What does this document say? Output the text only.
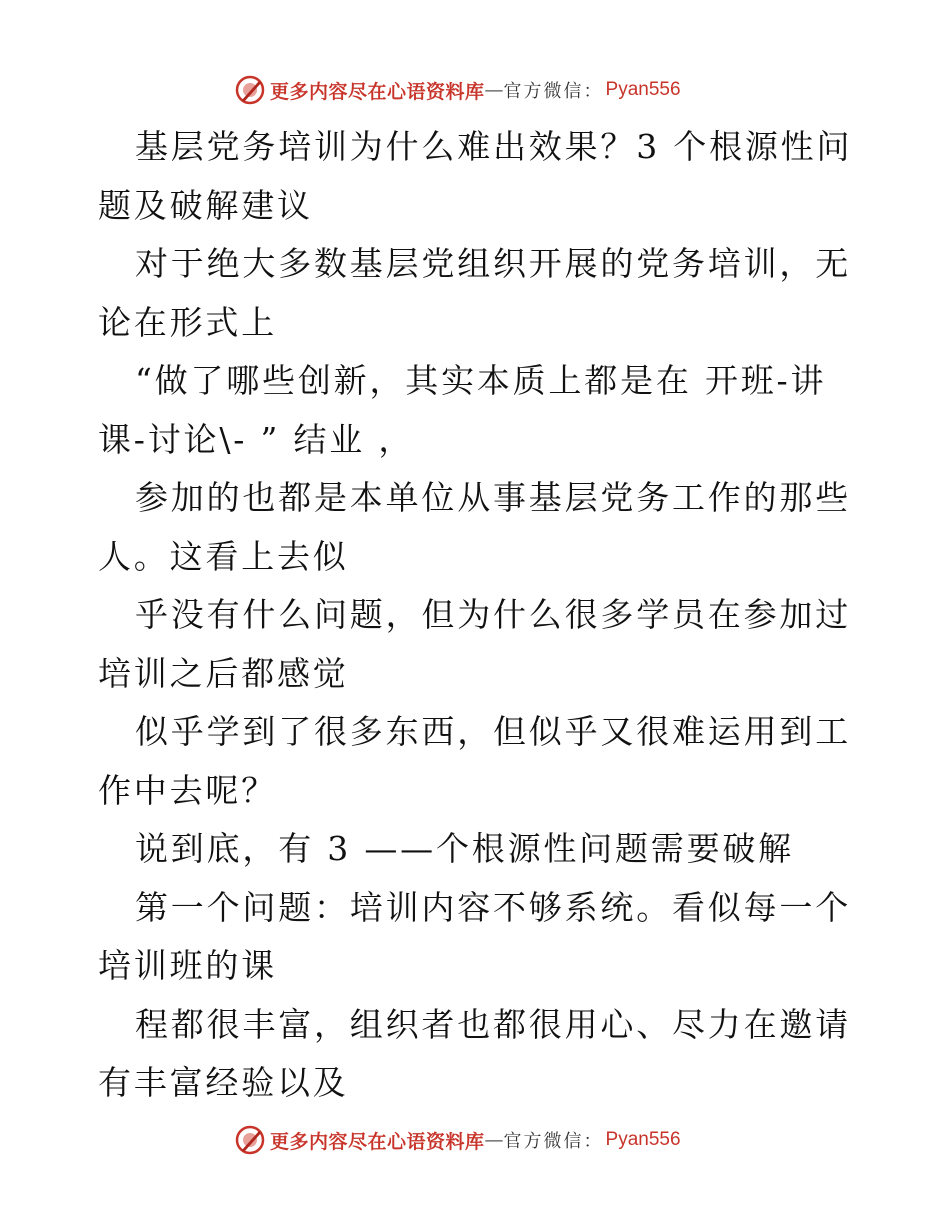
更多内容尽在心语资料库 — 官方微信 ： Pyan556

基层党务培训为什么难出效果？3 个根源性问题及破解建议

对于绝大多数基层党组织开展的党务培训，无论在形式上

“做了哪些创新，其实本质上都是在 开班-讲课-讨论\- ” 结业 ，

参加的也都是本单位从事基层党务工作的那些人。这看上去似

乎没有什么问题，但为什么很多学员在参加过培训之后都感觉

似乎学到了很多东西，但似乎又很难运用到工作中去呢？

说到底，有 3 ——个根源性问题需要破解

第一个问题：培训内容不够系统。看似每一个培训班的课

程都很丰富，组织者也都很用心、尽力在邀请有丰富经验以及

更多内容尽在心语资料库 — 官方微信 ： Pyan556
